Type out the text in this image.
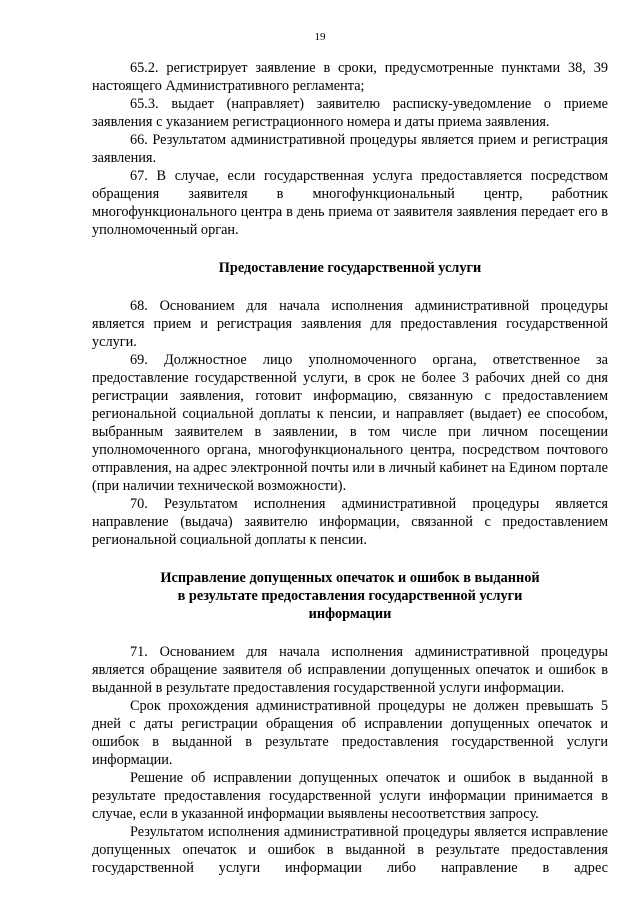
19

65.2. регистрирует заявление в сроки, предусмотренные пунктами 38, 39 настоящего Административного регламента;

65.3. выдает (направляет) заявителю расписку-уведомление о приеме заявления с указанием регистрационного номера и даты приема заявления.

66. Результатом административной процедуры является прием и регистрация заявления.

67. В случае, если государственная услуга предоставляется посредством обращения заявителя в многофункциональный центр, работник многофункционального центра в день приема от заявителя заявления передает его в уполномоченный орган.

Предоставление государственной услуги

68. Основанием для начала исполнения административной процедуры является прием и регистрация заявления для предоставления государственной услуги.

69. Должностное лицо уполномоченного органа, ответственное за предоставление государственной услуги, в срок не более 3 рабочих дней со дня регистрации заявления, готовит информацию, связанную с предоставлением региональной социальной доплаты к пенсии, и направляет (выдает) ее способом, выбранным заявителем в заявлении, в том числе при личном посещении уполномоченного органа, многофункционального центра, посредством почтового отправления, на адрес электронной почты или в личный кабинет на Едином портале (при наличии технической возможности).

70. Результатом исполнения административной процедуры является направление (выдача) заявителю информации, связанной с предоставлением региональной социальной доплаты к пенсии.

Исправление допущенных опечаток и ошибок в выданной

в результате предоставления государственной услуги

информации

71. Основанием для начала исполнения административной процедуры является обращение заявителя об исправлении допущенных опечаток и ошибок в выданной в результате предоставления государственной услуги информации.

Срок прохождения административной процедуры не должен превышать 5 дней с даты регистрации обращения об исправлении допущенных опечаток и ошибок в выданной в результате предоставления государственной услуги информации.

Решение об исправлении допущенных опечаток и ошибок в выданной в результате предоставления государственной услуги информации принимается в случае, если в указанной информации выявлены несоответствия запросу.

Результатом исполнения административной процедуры является исправление допущенных опечаток и ошибок в выданной в результате предоставления государственной услуги информации либо направление в адрес
